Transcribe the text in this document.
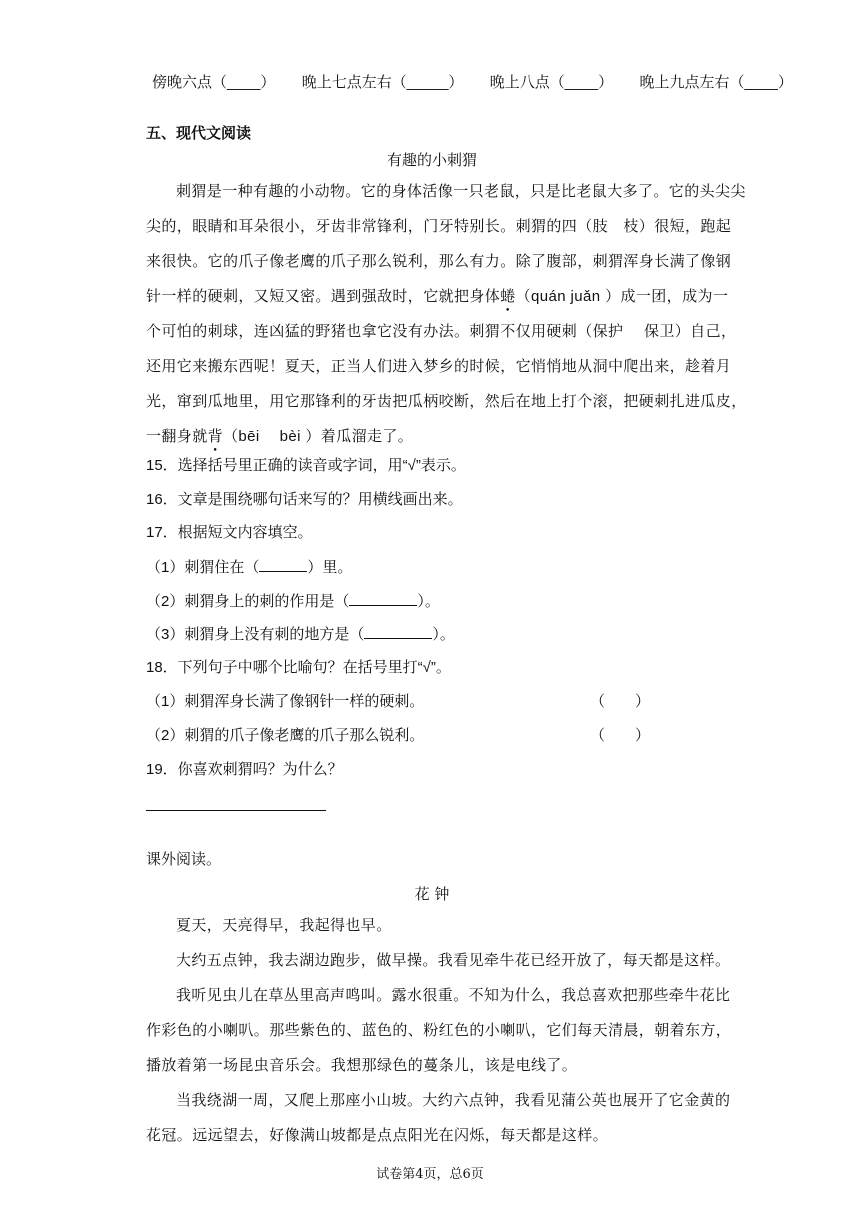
傍晚六点（____） 晚上七点左右（_____） 晚上八点（____） 晚上九点左右（____）
五、现代文阅读
有趣的小刺猬
刺猬是一种有趣的小动物。它的身体活像一只老鼠，只是比老鼠大多了。它的头尖尖
尖的，眼睛和耳朵很小，牙齿非常锋利，门牙特别长。刺猬的四（肢　枝）很短，跑起
来很快。它的爪子像老鹰的爪子那么锐利，那么有力。除了腹部，刺猬浑身长满了像钢
针一样的硬刺，又短又密。遇到强敌时，它就把身体蜷（quán juǎn ）成一团，成为一
个可怕的刺球，连凶猛的野猪也拿它没有办法。刺猬不仅用硬刺（保护　 保卫）自己，
还用它来搬东西呢！夏天，正当人们进入梦乡的时候，它悄悄地从洞中爬出来，趁着月
光，窜到瓜地里，用它那锋利的牙齿把瓜柄咬断，然后在地上打个滚，把硬刺扎进瓜皮，
一翻身就背（bēi　 bèi ）着瓜溜走了。
15．选择括号里正确的读音或字词，用“√”表示。
16．文章是围绕哪句话来写的？用横线画出来。
17．根据短文内容填空。
（1）刺猬住在（	）里。
（2）刺猬身上的刺的作用是（	）。
（3）刺猬身上没有刺的地方是（	）。
18．下列句子中哪个比喻句？在括号里打“√”。
（1）刺猬浑身长满了像钢针一样的硬刺。	（　　）
（2）刺猬的爪子像老鹰的爪子那么锐利。	（　　）
19．你喜欢刺猬吗？为什么？
课外阅读。
花 钟
夏天，天亮得早，我起得也早。
大约五点钟，我去湖边跑步，做早操。我看见牵牛花已经开放了，每天都是这样。
我听见虫儿在草丛里高声鸣叫。露水很重。不知为什么，我总喜欢把那些牵牛花比
作彩色的小喇叭。那些紫色的、蓝色的、粉红色的小喇叭，它们每天清晨，朝着东方，
播放着第一场昆虫音乐会。我想那绿色的蔓条儿，该是电线了。
当我绕湖一周，又爬上那座小山坡。大约六点钟，我看见蒲公英也展开了它金黄的
花冠。远远望去，好像满山坡都是点点阳光在闪烁，每天都是这样。
试卷第4页，总6页
